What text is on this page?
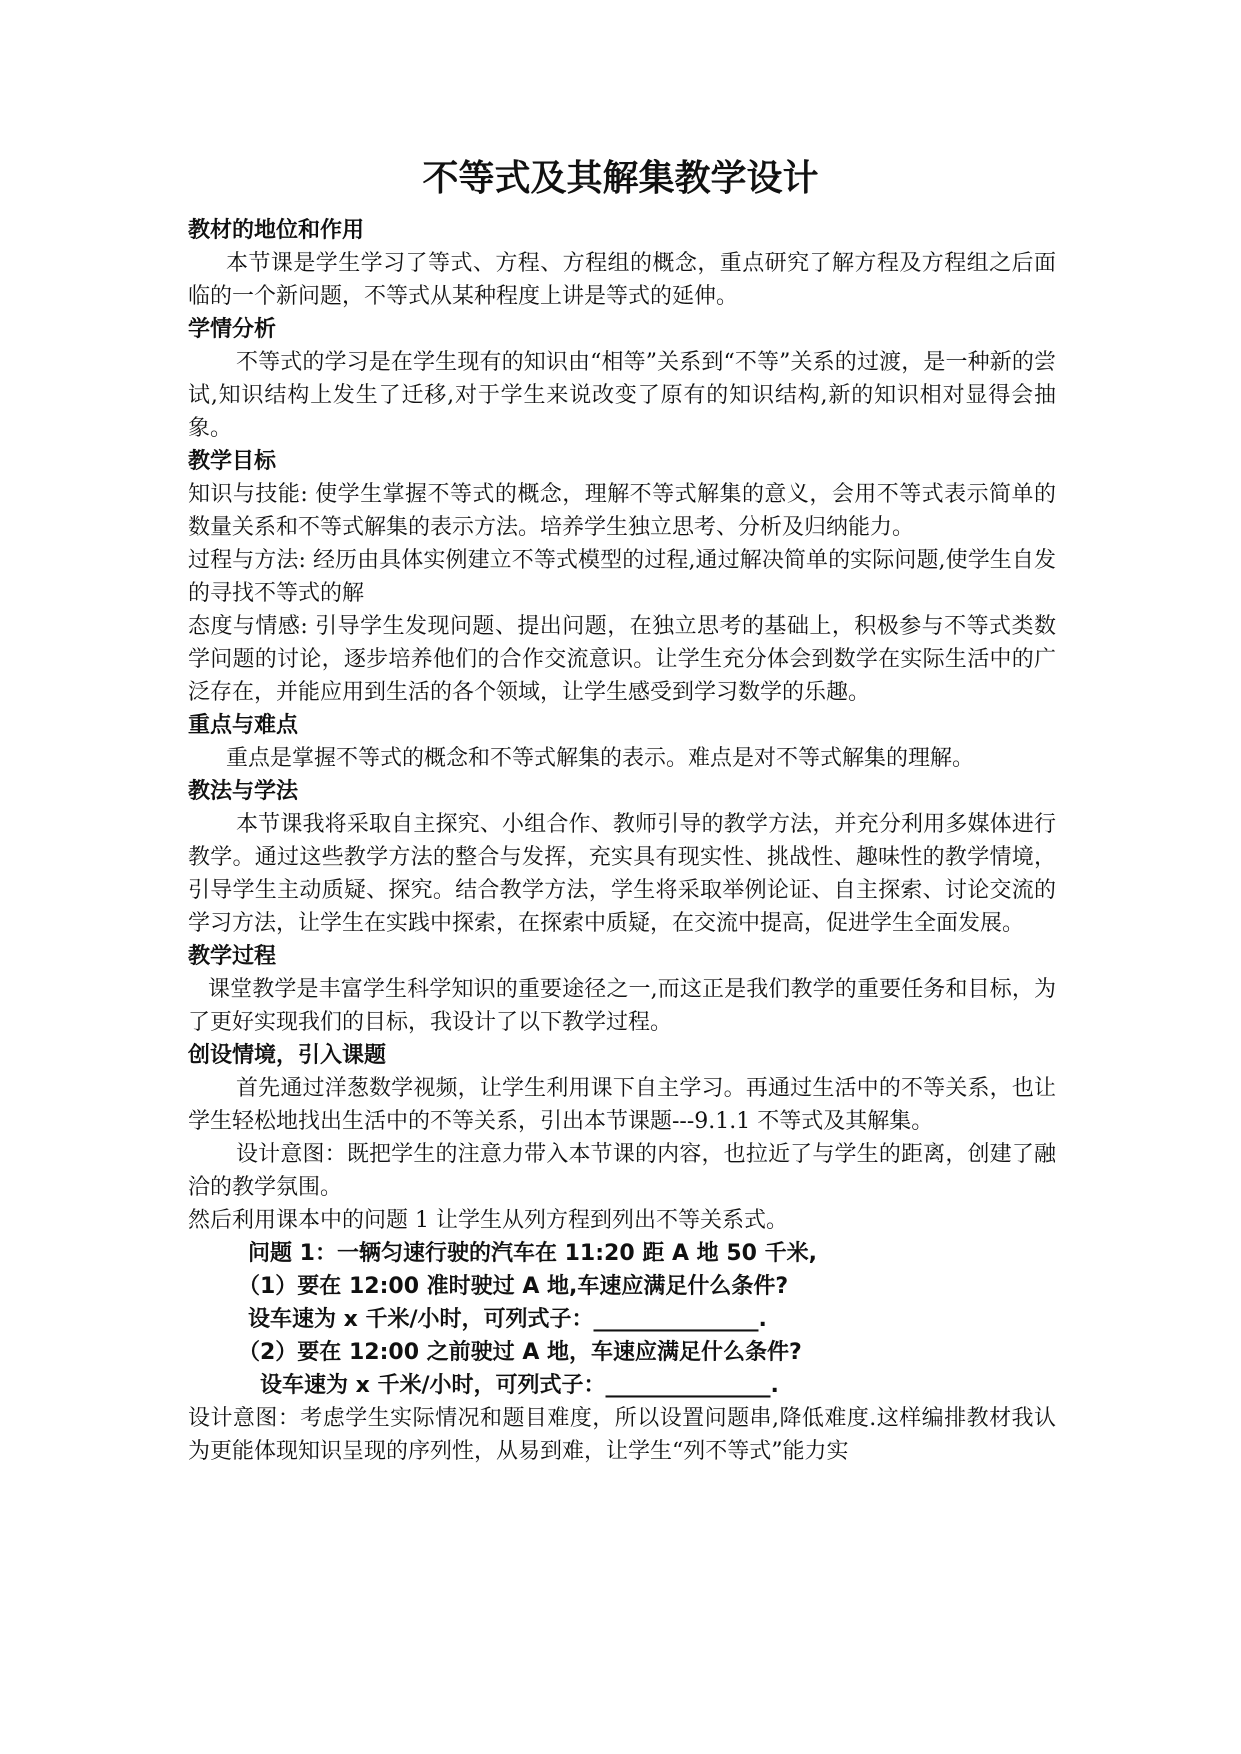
不等式及其解集教学设计
教材的地位和作用

本节课是学生学习了等式、方程、方程组的概念，重点研究了解方程及方程组之后面临的一个新问题，不等式从某种程度上讲是等式的延伸。

学情分析

不等式的学习是在学生现有的知识由“相等”关系到“不等”关系的过渡，是一种新的尝试,知识结构上发生了迁移,对于学生来说改变了原有的知识结构,新的知识相对显得会抽象。

教学目标

知识与技能: 使学生掌握不等式的概念，理解不等式解集的意义，会用不等式表示简单的数量关系和不等式解集的表示方法。培养学生独立思考、分析及归纳能力。

过程与方法: 经历由具体实例建立不等式模型的过程,通过解决简单的实际问题,使学生自发的寻找不等式的解

态度与情感: 引导学生发现问题、提出问题，在独立思考的基础上，积极参与不等式类数学问题的讨论，逐步培养他们的合作交流意识。让学生充分体会到数学在实际生活中的广泛存在，并能应用到生活的各个领域，让学生感受到学习数学的乐趣。

重点与难点

重点是掌握不等式的概念和不等式解集的表示。难点是对不等式解集的理解。

教法与学法

本节课我将采取自主探究、小组合作、教师引导的教学方法，并充分利用多媒体进行教学。通过这些教学方法的整合与发挥，充实具有现实性、挑战性、趣味性的教学情境，引导学生主动质疑、探究。结合教学方法，学生将采取举例论证、自主探索、讨论交流的学习方法，让学生在实践中探索，在探索中质疑，在交流中提高，促进学生全面发展。

教学过程

课堂教学是丰富学生科学知识的重要途径之一,而这正是我们教学的重要任务和目标，为了更好实现我们的目标，我设计了以下教学过程。

创设情境，引入课题

首先通过洋葱数学视频，让学生利用课下自主学习。再通过生活中的不等关系，也让学生轻松地找出生活中的不等关系，引出本节课题---9.1.1 不等式及其解集。

设计意图：既把学生的注意力带入本节课的内容，也拉近了与学生的距离，创建了融洽的教学氛围。

然后利用课本中的问题 1 让学生从列方程到列出不等关系式。

问题 1：一辆匀速行驶的汽车在 11:20 距 A 地 50 千米,

（1）要在 12:00 准时驶过 A 地,车速应满足什么条件?

设车速为 x 千米/小时，可列式子：_______________.

（2）要在 12:00 之前驶过 A 地，车速应满足什么条件?

设车速为 x 千米/小时，可列式子：_______________.

设计意图：考虑学生实际情况和题目难度，所以设置问题串,降低难度.这样编排教材我认为更能体现知识呈现的序列性，从易到难，让学生“列不等式”能力实
